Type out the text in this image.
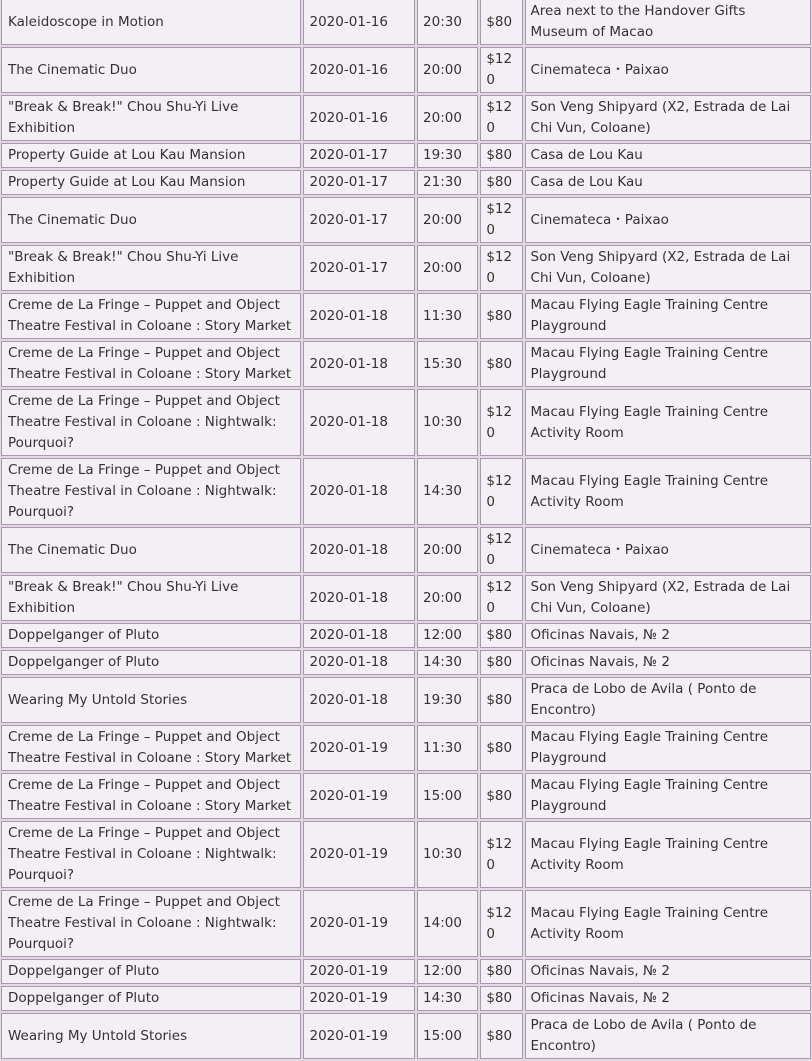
Kaleidoscope in Motion	2020-01-16	20:30	$80	Area next to the Handover Gifts Museum of Macao
The Cinematic Duo	2020-01-16	20:00	$120	Cinemateca・Paixao
"Break & Break!" Chou Shu-Yi Live Exhibition	2020-01-16	20:00	$120	Son Veng Shipyard (X2, Estrada de Lai Chi Vun, Coloane)
Property Guide at Lou Kau Mansion	2020-01-17	19:30	$80	Casa de Lou Kau
Property Guide at Lou Kau Mansion	2020-01-17	21:30	$80	Casa de Lou Kau
The Cinematic Duo	2020-01-17	20:00	$120	Cinemateca・Paixao
"Break & Break!" Chou Shu-Yi Live Exhibition	2020-01-17	20:00	$120	Son Veng Shipyard (X2, Estrada de Lai Chi Vun, Coloane)
Creme de La Fringe – Puppet and Object Theatre Festival in Coloane : Story Market	2020-01-18	11:30	$80	Macau Flying Eagle Training Centre Playground
Creme de La Fringe – Puppet and Object Theatre Festival in Coloane : Story Market	2020-01-18	15:30	$80	Macau Flying Eagle Training Centre Playground
Creme de La Fringe – Puppet and Object Theatre Festival in Coloane : Nightwalk: Pourquoi?	2020-01-18	10:30	$120	Macau Flying Eagle Training Centre Activity Room
Creme de La Fringe – Puppet and Object Theatre Festival in Coloane : Nightwalk: Pourquoi?	2020-01-18	14:30	$120	Macau Flying Eagle Training Centre Activity Room
The Cinematic Duo	2020-01-18	20:00	$120	Cinemateca・Paixao
"Break & Break!" Chou Shu-Yi Live Exhibition	2020-01-18	20:00	$120	Son Veng Shipyard (X2, Estrada de Lai Chi Vun, Coloane)
Doppelganger of Pluto	2020-01-18	12:00	$80	Oficinas Navais, № 2
Doppelganger of Pluto	2020-01-18	14:30	$80	Oficinas Navais, № 2
Wearing My Untold Stories	2020-01-18	19:30	$80	Praca de Lobo de Avila ( Ponto de Encontro)
Creme de La Fringe – Puppet and Object Theatre Festival in Coloane : Story Market	2020-01-19	11:30	$80	Macau Flying Eagle Training Centre Playground
Creme de La Fringe – Puppet and Object Theatre Festival in Coloane : Story Market	2020-01-19	15:00	$80	Macau Flying Eagle Training Centre Playground
Creme de La Fringe – Puppet and Object Theatre Festival in Coloane : Nightwalk: Pourquoi?	2020-01-19	10:30	$120	Macau Flying Eagle Training Centre Activity Room
Creme de La Fringe – Puppet and Object Theatre Festival in Coloane : Nightwalk: Pourquoi?	2020-01-19	14:00	$120	Macau Flying Eagle Training Centre Activity Room
Doppelganger of Pluto	2020-01-19	12:00	$80	Oficinas Navais, № 2
Doppelganger of Pluto	2020-01-19	14:30	$80	Oficinas Navais, № 2
Wearing My Untold Stories	2020-01-19	15:00	$80	Praca de Lobo de Avila ( Ponto de Encontro)
